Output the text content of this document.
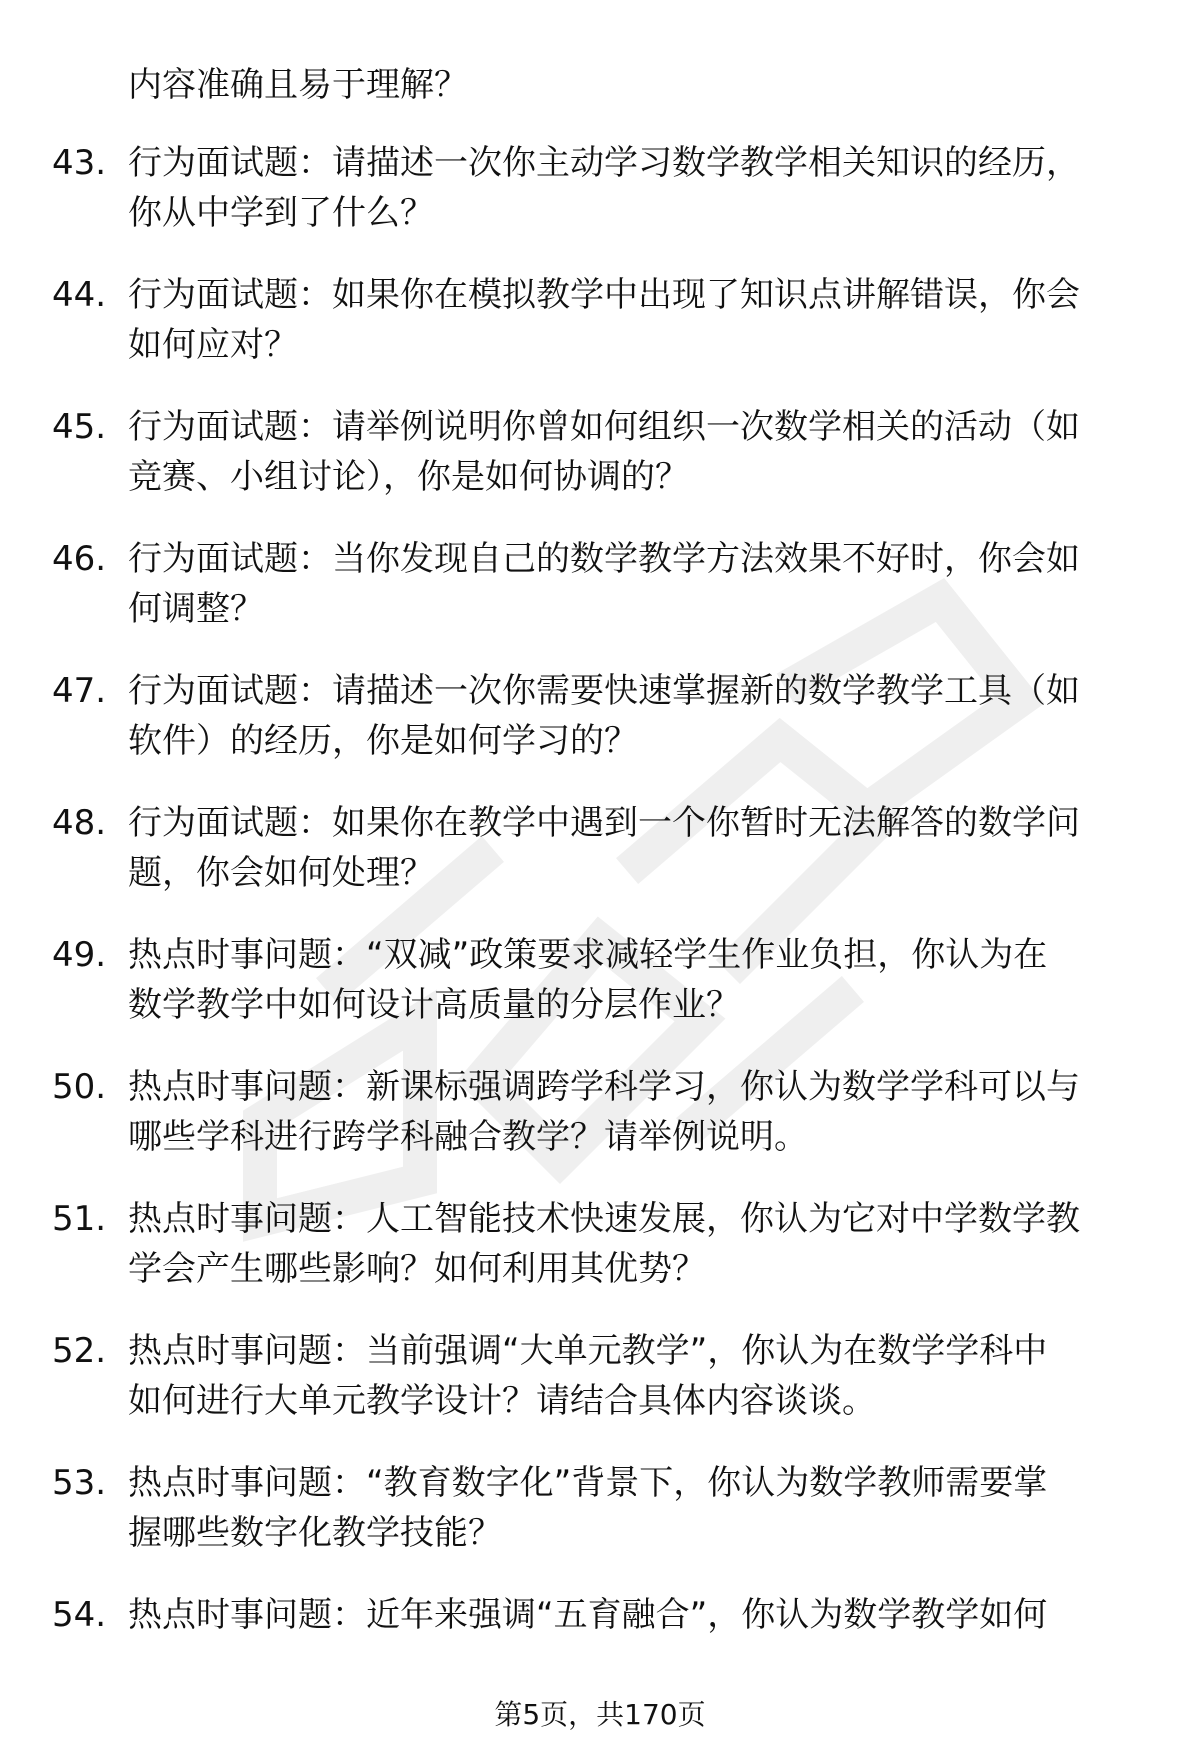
内容准确且易于理解？
43. 行为面试题：请描述一次你主动学习数学教学相关知识的经历，
你从中学到了什么？
44. 行为面试题：如果你在模拟教学中出现了知识点讲解错误，你会
如何应对？
45. 行为面试题：请举例说明你曾如何组织一次数学相关的活动（如
竞赛、小组讨论），你是如何协调的？
46. 行为面试题：当你发现自己的数学教学方法效果不好时，你会如
何调整？
47. 行为面试题：请描述一次你需要快速掌握新的数学教学工具（如
软件）的经历，你是如何学习的？
48. 行为面试题：如果你在教学中遇到一个你暂时无法解答的数学问
题，你会如何处理？
49. 热点时事问题：“双减”政策要求减轻学生作业负担，你认为在
数学教学中如何设计高质量的分层作业？
50. 热点时事问题：新课标强调跨学科学习，你认为数学学科可以与
哪些学科进行跨学科融合教学？请举例说明。
51. 热点时事问题：人工智能技术快速发展，你认为它对中学数学教
学会产生哪些影响？如何利用其优势？
52. 热点时事问题：当前强调“大单元教学”，你认为在数学学科中
如何进行大单元教学设计？请结合具体内容谈谈。
53. 热点时事问题：“教育数字化”背景下，你认为数学教师需要掌
握哪些数字化教学技能？
54. 热点时事问题：近年来强调“五育融合”，你认为数学教学如何
第5页，共170页
